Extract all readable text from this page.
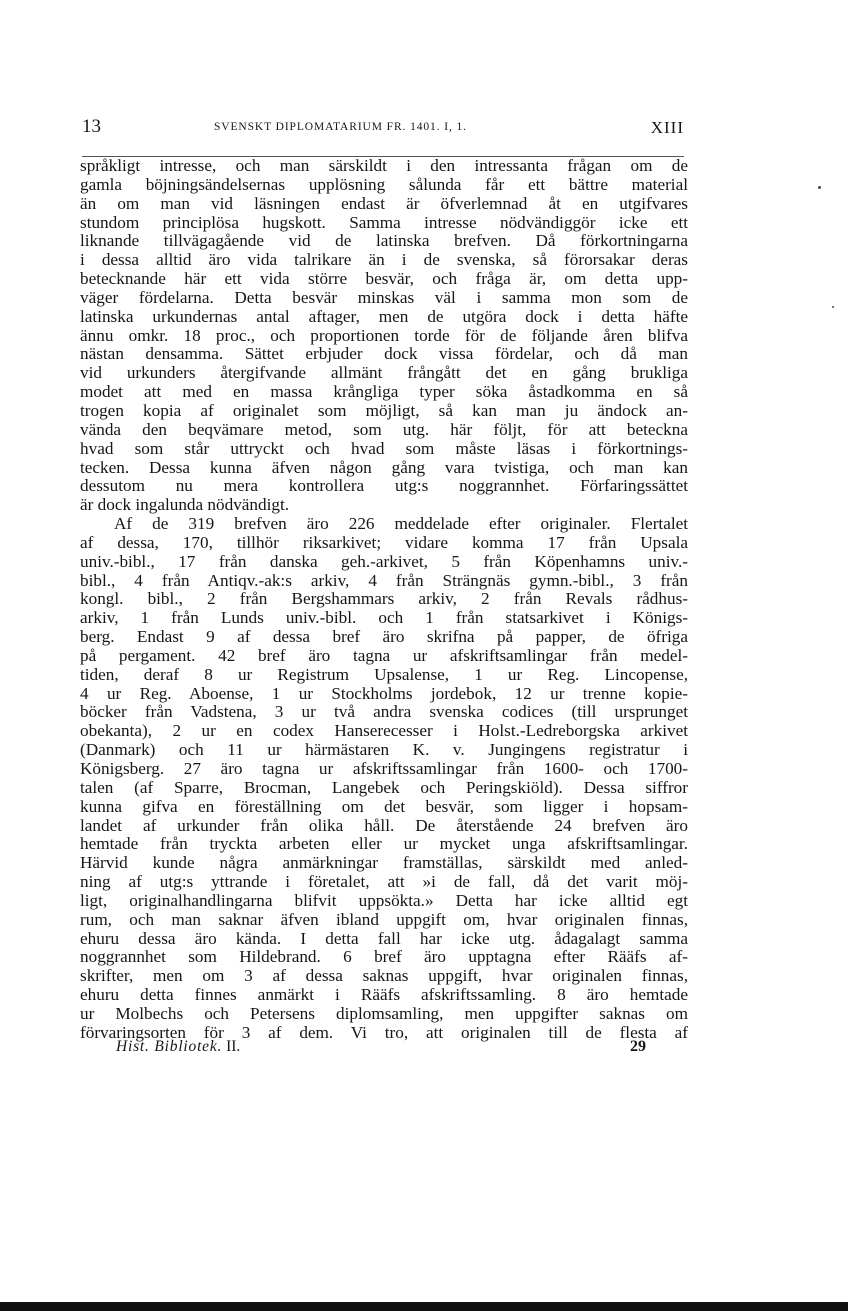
13	SVENSKT DIPLOMATARIUM FR. 1401. I, 1.	XIII
språkligt intresse, och man särskildt i den intressanta frågan om de
gamla böjningsändelsernas upplösning sålunda får ett bättre material
än om man vid läsningen endast är öfverlemnad åt en utgifvares
stundom principlösa hugskott. Samma intresse nödvändiggör icke ett
liknande tillvägagående vid de latinska brefven. Då förkortningarna
i dessa alltid äro vida talrikare än i de svenska, så förorsakar deras
betecknande här ett vida större besvär, och fråga är, om detta upp-
väger fördelarna. Detta besvär minskas väl i samma mon som de
latinska urkundernas antal aftager, men de utgöra dock i detta häfte
ännu omkr. 18 proc., och proportionen torde för de följande åren blifva
nästan densamma. Sättet erbjuder dock vissa fördelar, och då man
vid urkunders återgifvande allmänt frångått det en gång brukliga
modet att med en massa krångliga typer söka åstadkomma en så
trogen kopia af originalet som möjligt, så kan man ju ändock an-
vända den beqvämare metod, som utg. här följt, för att beteckna
hvad som står uttryckt och hvad som måste läsas i förkortnings-
tecken. Dessa kunna äfven någon gång vara tvistiga, och man kan
dessutom nu mera kontrollera utg:s noggrannhet. Förfaringssättet
är dock ingalunda nödvändigt.
Af de 319 brefven äro 226 meddelade efter originaler. Flertalet
af dessa, 170, tillhör riksarkivet; vidare komma 17 från Upsala
univ.-bibl., 17 från danska geh.-arkivet, 5 från Köpenhamns univ.-
bibl., 4 från Antiqv.-ak:s arkiv, 4 från Strängnäs gymn.-bibl., 3 från
kongl. bibl., 2 från Bergshammars arkiv, 2 från Revals rådhus-
arkiv, 1 från Lunds univ.-bibl. och 1 från statsarkivet i Königs-
berg. Endast 9 af dessa bref äro skrifna på papper, de öfriga
på pergament. 42 bref äro tagna ur afskriftsamlingar från medel-
tiden, deraf 8 ur Registrum Upsalense, 1 ur Reg. Lincopense,
4 ur Reg. Aboense, 1 ur Stockholms jordebok, 12 ur trenne kopie-
böcker från Vadstena, 3 ur två andra svenska codices (till ursprunget
obekanta), 2 ur en codex Hanserecesser i Holst.-Ledreborgska arkivet
(Danmark) och 11 ur härmästaren K. v. Jungingens registratur i
Königsberg. 27 äro tagna ur afskriftssamlingar från 1600- och 1700-
talen (af Sparre, Brocman, Langebek och Peringskiöld). Dessa siffror
kunna gifva en föreställning om det besvär, som ligger i hopsam-
landet af urkunder från olika håll. De återstående 24 brefven äro
hemtade från tryckta arbeten eller ur mycket unga afskriftsamlingar.
Härvid kunde några anmärkningar framställas, särskildt med anled-
ning af utg:s yttrande i företalet, att »i de fall, då det varit möj-
ligt, originalhandlingarna blifvit uppsökta.» Detta har icke alltid egt
rum, och man saknar äfven ibland uppgift om, hvar originalen finnas,
ehuru dessa äro kända. I detta fall har icke utg. ådagalagt samma
noggrannhet som Hildebrand. 6 bref äro upptagna efter Rääfs af-
skrifter, men om 3 af dessa saknas uppgift, hvar originalen finnas,
ehuru detta finnes anmärkt i Rääfs afskriftssamling. 8 äro hemtade
ur Molbechs och Petersens diplomsamling, men uppgifter saknas om
förvaringsorten för 3 af dem. Vi tro, att originalen till de flesta af
Hist. Bibliotek. II.	29
